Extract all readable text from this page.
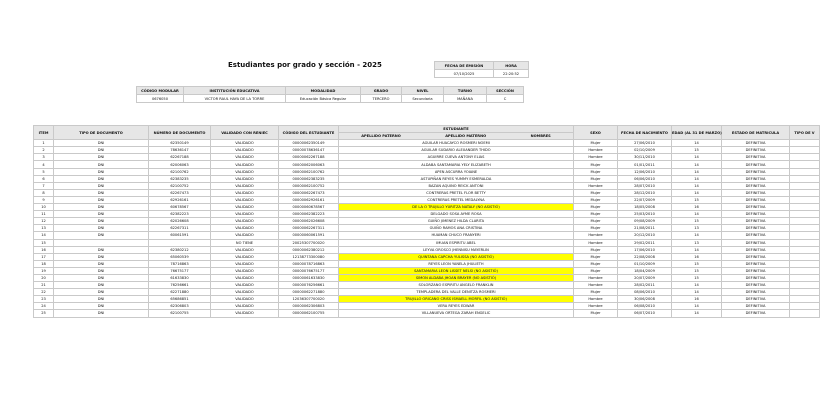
Estudiantes por grado y sección - 2025	FECHA DE EMISIÓN	HORA
07/10/2025	22:20:52
CÓDIGO MODULAR	INSTITUCIÓN EDUCATIVA	MODALIDAD	GRADO	NIVEL	TURNO	SECCIÓN
0676050	VICTOR RAUL HAYA DE LA TORRE	Educación Básica Regular	TERCERO	Secundaria	MAÑANA	C
ITEM	TIPO DE DOCUMENTO	NÚMERO DE DOCUMENTO	VALIDADO CON RENIEC	CÓDIGO DEL ESTUDIANTE	ESTUDIANTE	SEXO	FECHA DE NACIMIENTO	EDAD (AL 31 DE MARZO)	ESTADO DE MATRICULA	TIPO DE V

					APELLIDO PATERNO APELLIDO MATERNO NOMBRES					

1	DNI	62350149	VALIDADO	00000062350149	AGUILAR HUACAYCO ROSMERI NOEMI	Mujer	27/06/2010	14	DEFINITIVA	
2	DNI	78636147	VALIDADO	00000078636147	AGUILAR SUDARIO ALEXANDER THIDO	Hombre	02/10/2009	15	DEFINITIVA	
3	DNI	62267188	VALIDADO	00000062267188	AGUIRRE CUEVA ANTONY ELIAS	Hombre	30/11/2010	14	DEFINITIVA	
4	DNI	62006063	VALIDADO	00000062006063	ALDABA SANTAMARIA YELY ELIZABETH	Mujer	01/01/2011	14	DEFINITIVA	
5	DNI	62100762	VALIDADO	00000062100762	APEN ASCURRA YOIANE	Mujer	12/06/2010	14	DEFINITIVA	
6	DNI	62383235	VALIDADO	00000062383235	ASTUPIÑAN REYES YUMMY ESMERALDA	Mujer	06/06/2010	14	DEFINITIVA	
7	DNI	62100752	VALIDADO	00000062100752	BAZAN AQUINO REICK ANTONI	Hombre	28/07/2010	14	DEFINITIVA	
8	DNI	62267473	VALIDADO	00000062267473	CONTRERAS PRETEL FLOR BETTY	Mujer	28/12/2010	14	DEFINITIVA	
9	DNI	62926161	VALIDADO	00000062926161	CONTRERAS PRETEL MEDALYNA	Mujer	22/07/2009	15	DEFINITIVA	
10	DNI	60678567	VALIDADO	00000060678567	DE LA O TRUJILLO YURITZA NATALY (NO ASISTIÓ)	Mujer	18/05/2008	16	DEFINITIVA	
11	DNI	62382223	VALIDADO	00000062382223	DELGADO SOSA AYME ROSA	Mujer	25/03/2010	14	DEFINITIVA	
12	DNI	62026608	VALIDADO	00000062026608	GUIÑO JIMENEZ HILDA CLARITA	Mujer	09/08/2009	15	DEFINITIVA	
13	DNI	62267311	VALIDADO	00000062267311	GUIÑO RAMOS ANA CRISTINA	Mujer	21/08/2011	13	DEFINITIVA	
14	DNI	60061591	VALIDADO	00000060061591	HUAMAN CHUCO FRANYERI	Hombre	20/12/2010	14	DEFINITIVA	
15			NO TIENE	20025307700020	IMUAN ESPIRITU ABEL	Hombre	29/02/2011	13	DEFINITIVA	
16	DNI	62380212	VALIDADO	00000062380212	LEYVA OROSCO JHENNISU MAYERLIN	Mujer	17/06/2010	14	DEFINITIVA	
17	DNI	65060539	VALIDADO	12138773300080	QUINTANA CAPCHA YULISSA (NO ASISTIÓ)	Mujer	22/08/2008	16	DEFINITIVA	
18	DNI	78716863	VALIDADO	00000078716863	REYES LEON YANELA JHULIETH	Mujer	01/10/2009	15	DEFINITIVA	
19	DNI	76675177	VALIDADO	00000076675177	SANTAMARIA LEON LISSET NELSI (NO ASISTIÓ)	Mujer	18/04/2009	15	DEFINITIVA	
20	DNI	61633830	VALIDADO	00000061633830	SIMON ALDABA JHOAN BRAYER (NO ASISTIÓ)	Hombre	20/07/2009	15	DEFINITIVA	
21	DNI	76256661	VALIDADO	00000076256661	SOLORZANO ESPIRITU ANGELO FRANKLIN	Hombre	28/02/2011	14	DEFINITIVA	
22	DNI	62271880	VALIDADO	00000062271880	TEMPLADERA DEL VALLE DENITZA ROSMERI	Mujer	08/06/2010	14	DEFINITIVA	
23	DNI	65686851	VALIDADO	12036307700020	TRUJILLO ORICANO CRISS ISMAELL MORFIL (NO ASISTIÓ)	Hombre	30/06/2008	16	DEFINITIVA	
24	DNI	62306803	VALIDADO	00000062306803	VERA REYES EDWAR	Hombre	06/08/2010	14	DEFINITIVA	
25	DNI	62100755	VALIDADO	00000062100755	VILLANUEVA ORTEGA ZARAH ENGELIC	Mujer	06/07/2010	14	DEFINITIVA	
